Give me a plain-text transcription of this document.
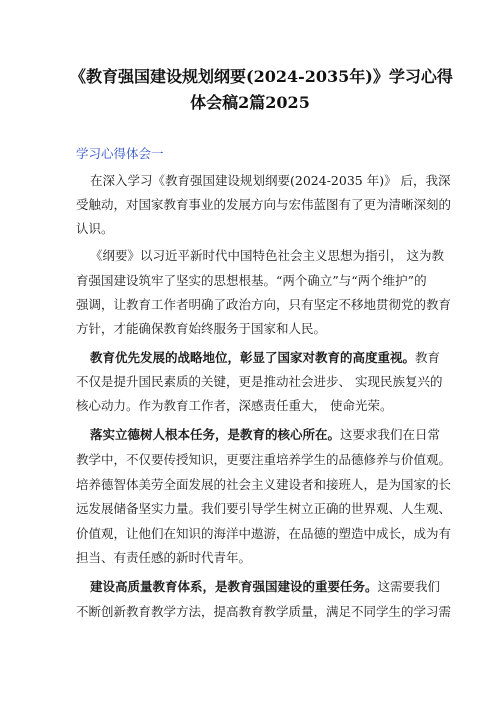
《教育强国建设规划纲要(2024-2035年)》学习心得
体会稿2篇2025
学习心得体会一
在深入学习《教育强国建设规划纲要(2024-2035 年)》 后，我深
受触动，对国家教育事业的发展方向与宏伟蓝图有了更为清晰深刻的
认识。
《纲要》以习近平新时代中国特色社会主义思想为指引， 这为教
育强国建设筑牢了坚实的思想根基。“两个确立”与“两个维护”的
强调，让教育工作者明确了政治方向，只有坚定不移地贯彻党的教育
方针，才能确保教育始终服务于国家和人民。
教育优先发展的战略地位，彰显了国家对教育的高度重视。教育
不仅是提升国民素质的关键，更是推动社会进步、 实现民族复兴的
核心动力。作为教育工作者，深感责任重大， 使命光荣。
落实立德树人根本任务，是教育的核心所在。这要求我们在日常
教学中，不仅要传授知识，更要注重培养学生的品德修养与价值观。
培养德智体美劳全面发展的社会主义建设者和接班人，是为国家的长
远发展储备坚实力量。我们要引导学生树立正确的世界观、人生观、
价值观，让他们在知识的海洋中遨游，在品德的塑造中成长，成为有
担当、有责任感的新时代青年。
建设高质量教育体系，是教育强国建设的重要任务。这需要我们
不断创新教育教学方法，提高教育教学质量，满足不同学生的学习需
